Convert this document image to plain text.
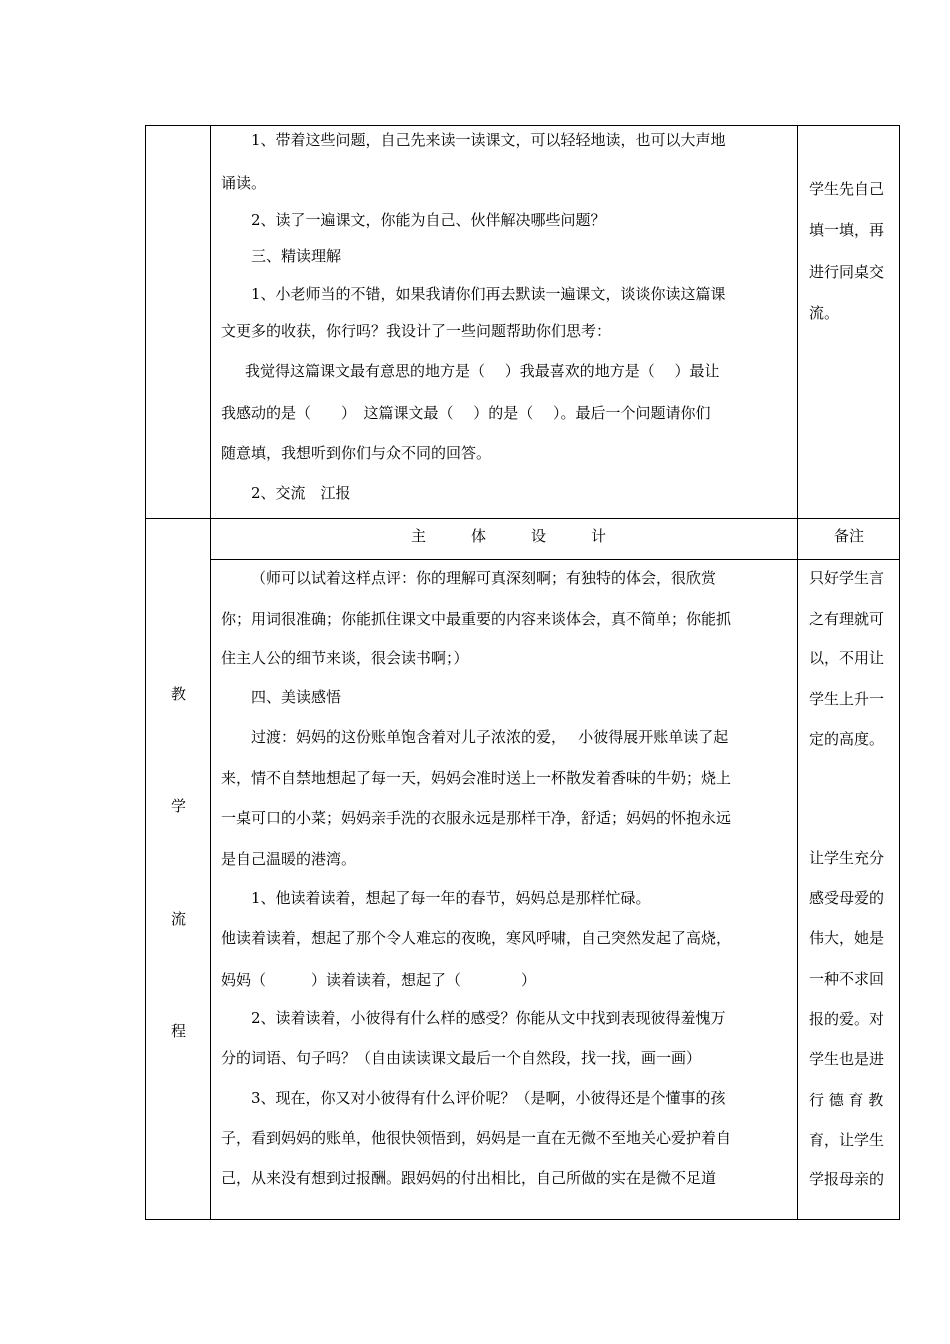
1、带着这些问题，自己先来读一读课文，可以轻轻地读，也可以大声地
诵读。
2、读了一遍课文，你能为自己、伙伴解决哪些问题？
三、精读理解
1、小老师当的不错，如果我请你们再去默读一遍课文，谈谈你读这篇课
文更多的收获，你行吗？我设计了一些问题帮助你们思考：
我觉得这篇课文最有意思的地方是（　 ）我最喜欢的地方是（　 ）最让
我感动的是（　　）　这篇课文最（　 ）的是（　 ）。最后一个问题请你们
随意填，我想听到你们与众不同的回答。
2、交流　江报
学生先自己
填一填，再
进行同桌交
流。
主　　　体　　　设　　　计	备注
教
学
流
程
（师可以试着这样点评：你的理解可真深刻啊；有独特的体会，很欣赏
你；用词很准确；你能抓住课文中最重要的内容来谈体会，真不简单；你能抓
住主人公的细节来谈，很会读书啊；）
四、美读感悟
过渡：妈妈的这份账单饱含着对儿子浓浓的爱，　 小彼得展开账单读了起
来，情不自禁地想起了每一天，妈妈会准时送上一杯散发着香味的牛奶；烧上
一桌可口的小菜；妈妈亲手洗的衣服永远是那样干净，舒适；妈妈的怀抱永远
是自己温暖的港湾。
1、他读着读着，想起了每一年的春节，妈妈总是那样忙碌。
他读着读着，想起了那个令人难忘的夜晚，寒风呼啸，自己突然发起了高烧，
妈妈（　　　）读着读着，想起了（　　　　）
2、读着读着，小彼得有什么样的感受？你能从文中找到表现彼得羞愧万
分的词语、句子吗？（自由读读课文最后一个自然段，找一找，画一画）
3、现在，你又对小彼得有什么评价呢？（是啊，小彼得还是个懂事的孩
子，看到妈妈的账单，他很快领悟到，妈妈是一直在无微不至地关心爱护着自
己，从来没有想到过报酬。跟妈妈的付出相比，自己所做的实在是微不足道
只好学生言
之有理就可
以，不用让
学生上升一
定的高度。
让学生充分
感受母爱的
伟大，她是
一种不求回
报的爱。对
学生也是进
行 德 育 教
育，让学生
学报母亲的
